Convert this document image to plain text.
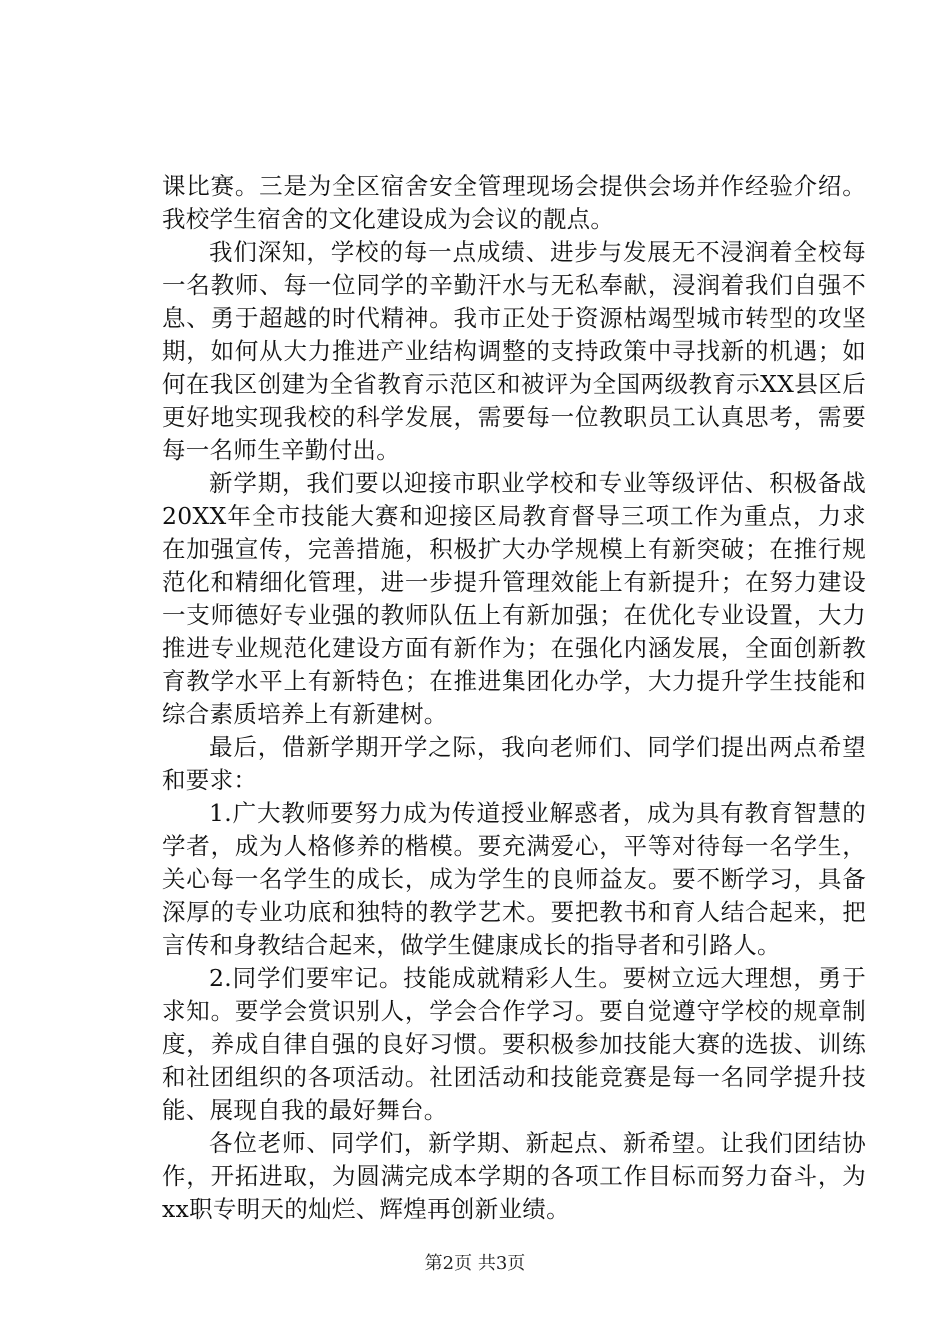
课比赛。三是为全区宿舍安全管理现场会提供会场并作经验介绍。我校学生宿舍的文化建设成为会议的靓点。

我们深知，学校的每一点成绩、进步与发展无不浸润着全校每一名教师、每一位同学的辛勤汗水与无私奉献，浸润着我们自强不息、勇于超越的时代精神。我市正处于资源枯竭型城市转型的攻坚期，如何从大力推进产业结构调整的支持政策中寻找新的机遇；如何在我区创建为全省教育示范区和被评为全国两级教育示XX县区后更好地实现我校的科学发展，需要每一位教职员工认真思考，需要每一名师生辛勤付出。

新学期，我们要以迎接市职业学校和专业等级评估、积极备战20XX年全市技能大赛和迎接区局教育督导三项工作为重点，力求在加强宣传，完善措施，积极扩大办学规模上有新突破；在推行规范化和精细化管理，进一步提升管理效能上有新提升；在努力建设一支师德好专业强的教师队伍上有新加强；在优化专业设置，大力推进专业规范化建设方面有新作为；在强化内涵发展，全面创新教育教学水平上有新特色；在推进集团化办学，大力提升学生技能和综合素质培养上有新建树。

最后，借新学期开学之际，我向老师们、同学们提出两点希望和要求：

1.广大教师要努力成为传道授业解惑者，成为具有教育智慧的学者，成为人格修养的楷模。要充满爱心，平等对待每一名学生，关心每一名学生的成长，成为学生的良师益友。要不断学习，具备深厚的专业功底和独特的教学艺术。要把教书和育人结合起来，把言传和身教结合起来，做学生健康成长的指导者和引路人。

2.同学们要牢记。技能成就精彩人生。要树立远大理想，勇于求知。要学会赏识别人，学会合作学习。要自觉遵守学校的规章制度，养成自律自强的良好习惯。要积极参加技能大赛的选拔、训练和社团组织的各项活动。社团活动和技能竞赛是每一名同学提升技能、展现自我的最好舞台。

各位老师、同学们，新学期、新起点、新希望。让我们团结协作，开拓进取，为圆满完成本学期的各项工作目标而努力奋斗，为xx职专明天的灿烂、辉煌再创新业绩。

第2页 共3页
